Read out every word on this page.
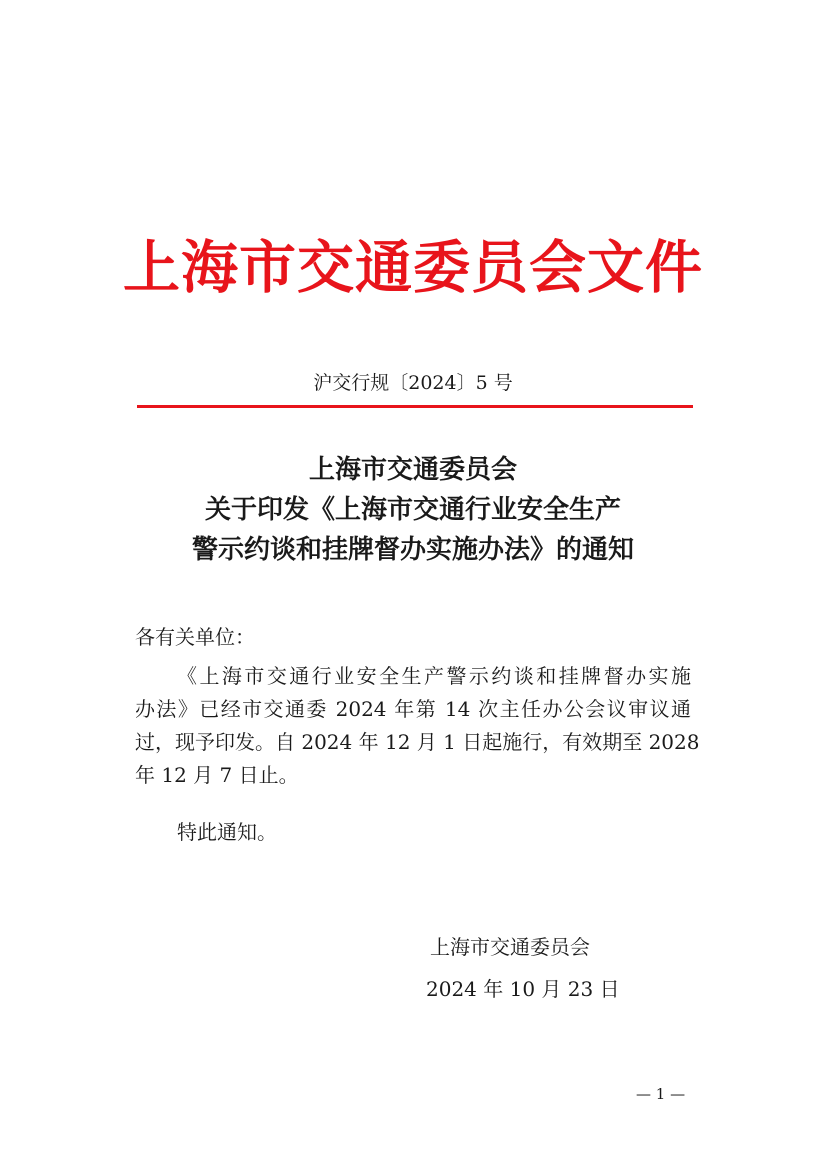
上海市交通委员会文件
沪交行规〔2024〕5 号
上海市交通委员会
关于印发《上海市交通行业安全生产
警示约谈和挂牌督办实施办法》的通知
各有关单位：
《上海市交通行业安全生产警示约谈和挂牌督办实施
办法》已经市交通委 2024 年第 14 次主任办公会议审议通
过，现予印发。自 2024 年 12 月 1 日起施行，有效期至 2028
年 12 月 7 日止。
特此通知。
上海市交通委员会
2024 年 10 月 23 日
— 1 —
